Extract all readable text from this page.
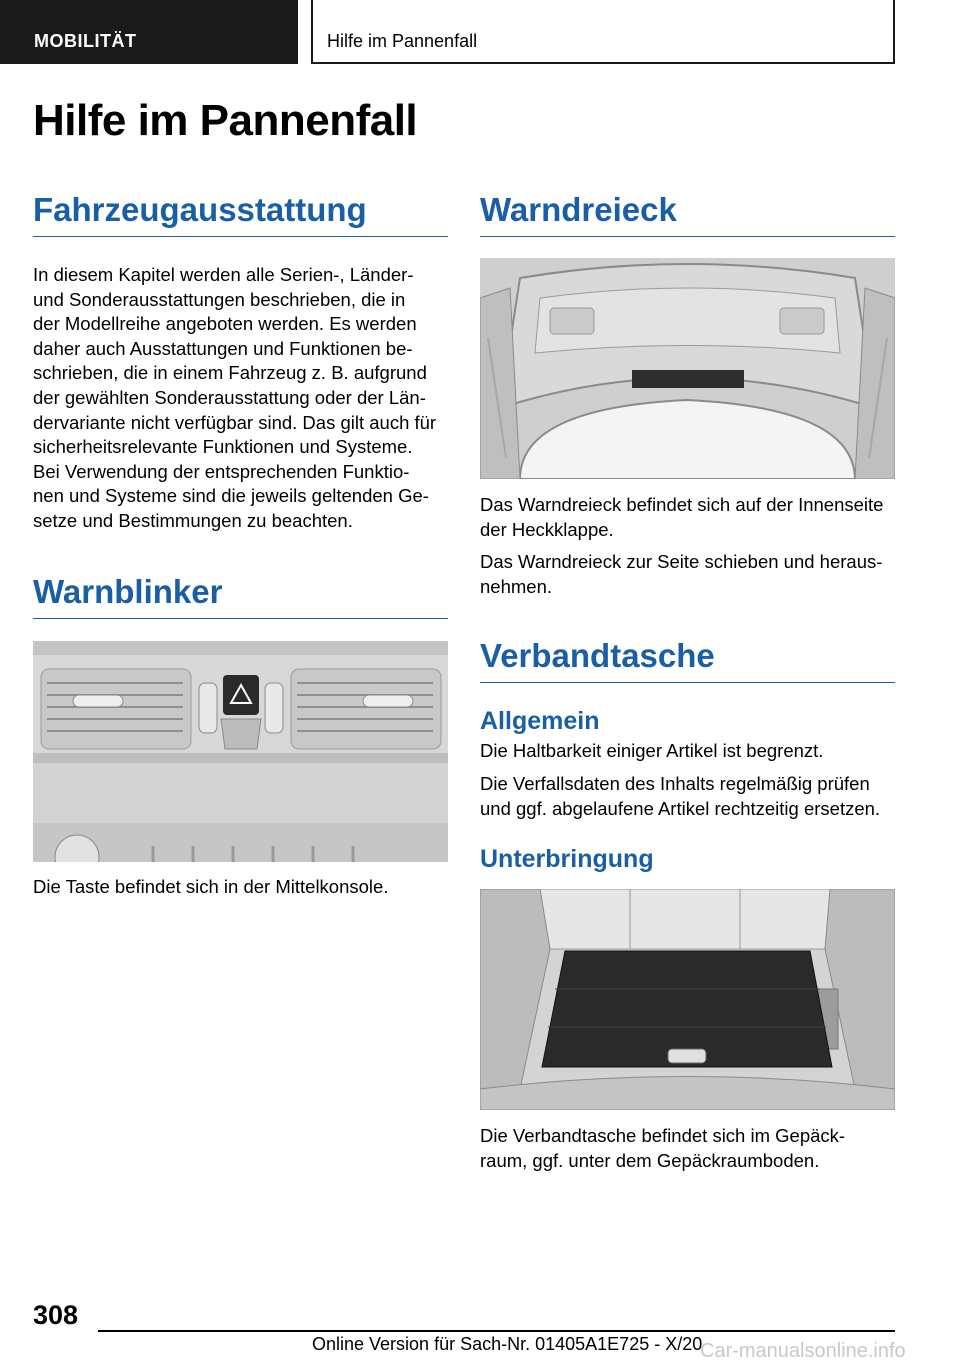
MOBILITÄT	Hilfe im Pannenfall
Hilfe im Pannenfall
Fahrzeugausstattung

In diesem Kapitel werden alle Serien-, Länder-
und Sonderausstattungen beschrieben, die in
der Modellreihe angeboten werden. Es werden
daher auch Ausstattungen und Funktionen be-
schrieben, die in einem Fahrzeug z. B. aufgrund
der gewählten Sonderausstattung oder der Län-
dervariante nicht verfügbar sind. Das gilt auch für
sicherheitsrelevante Funktionen und Systeme.
Bei Verwendung der entsprechenden Funktio-
nen und Systeme sind die jeweils geltenden Ge-
setze und Bestimmungen zu beachten.

Warnblinker

Die Taste befindet sich in der Mittelkonsole.

Warndreieck

Das Warndreieck befindet sich auf der Innenseite
der Heckklappe.

Das Warndreieck zur Seite schieben und heraus-
nehmen.

Verbandtasche
Allgemein

Die Haltbarkeit einiger Artikel ist begrenzt.

Die Verfallsdaten des Inhalts regelmäßig prüfen
und ggf. abgelaufene Artikel rechtzeitig ersetzen.

Unterbringung

Die Verbandtasche befindet sich im Gepäck-
raum, ggf. unter dem Gepäckraumboden.

308
Online Version für Sach-Nr. 01405A1E725 - X/20
Car-manualsonline.info
